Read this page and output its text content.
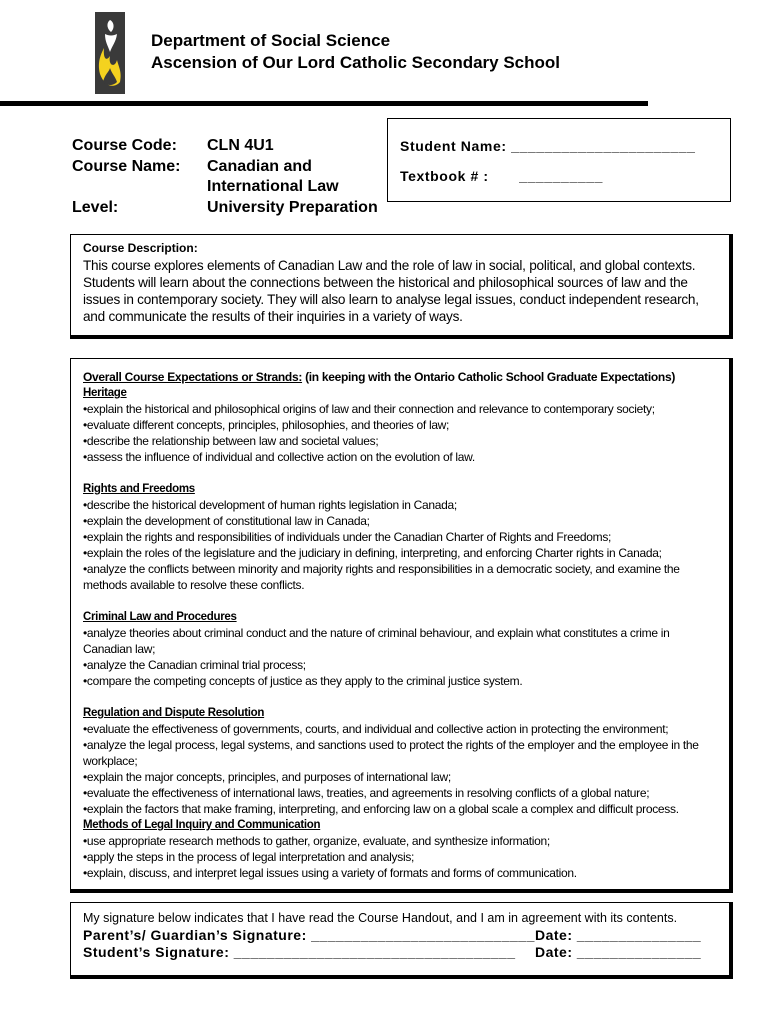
Department of Social Science
Ascension of Our Lord Catholic Secondary School
Course Code:	CLN 4U1
Course Name:	Canadian and
International Law
Level:	University Preparation
Student Name: ______________________
Textbook # : __________
Course Description:
This course explores elements of Canadian Law and the role of law in social, political, and global contexts. Students will learn about the connections between the historical and philosophical sources of law and the issues in contemporary society. They will also learn to analyse legal issues, conduct independent research, and communicate the results of their inquiries in a variety of ways.
Overall Course Expectations or Strands: (in keeping with the Ontario Catholic School Graduate Expectations)
Heritage
• explain the historical and philosophical origins of law and their connection and relevance to contemporary society;
• evaluate different concepts, principles, philosophies, and theories of law;
• describe the relationship between law and societal values;
• assess the influence of individual and collective action on the evolution of law.
Rights and Freedoms
• describe the historical development of human rights legislation in Canada;
• explain the development of constitutional law in Canada;
• explain the rights and responsibilities of individuals under the Canadian Charter of Rights and Freedoms;
• explain the roles of the legislature and the judiciary in defining, interpreting, and enforcing Charter rights in Canada;
• analyze the conflicts between minority and majority rights and responsibilities in a democratic society, and examine the methods available to resolve these conflicts.
Criminal Law and Procedures
• analyze theories about criminal conduct and the nature of criminal behaviour, and explain what constitutes a crime in Canadian law;
• analyze the Canadian criminal trial process;
• compare the competing concepts of justice as they apply to the criminal justice system.
Regulation and Dispute Resolution
• evaluate the effectiveness of governments, courts, and individual and collective action in protecting the environment;
• analyze the legal process, legal systems, and sanctions used to protect the rights of the employer and the employee in the workplace;
• explain the major concepts, principles, and purposes of international law;
• evaluate the effectiveness of international laws, treaties, and agreements in resolving conflicts of a global nature;
• explain the factors that make framing, interpreting, and enforcing law on a global scale a complex and difficult process.
Methods of Legal Inquiry and Communication
• use appropriate research methods to gather, organize, evaluate, and synthesize information;
• apply the steps in the process of legal interpretation and analysis;
• explain, discuss, and interpret legal issues using a variety of formats and forms of communication.
My signature below indicates that I have read the Course Handout, and I am in agreement with its contents.
Parent’s/ Guardian’s Signature: ___________________________ Date: _______________
Student’s Signature: __________________________________	Date: _______________
